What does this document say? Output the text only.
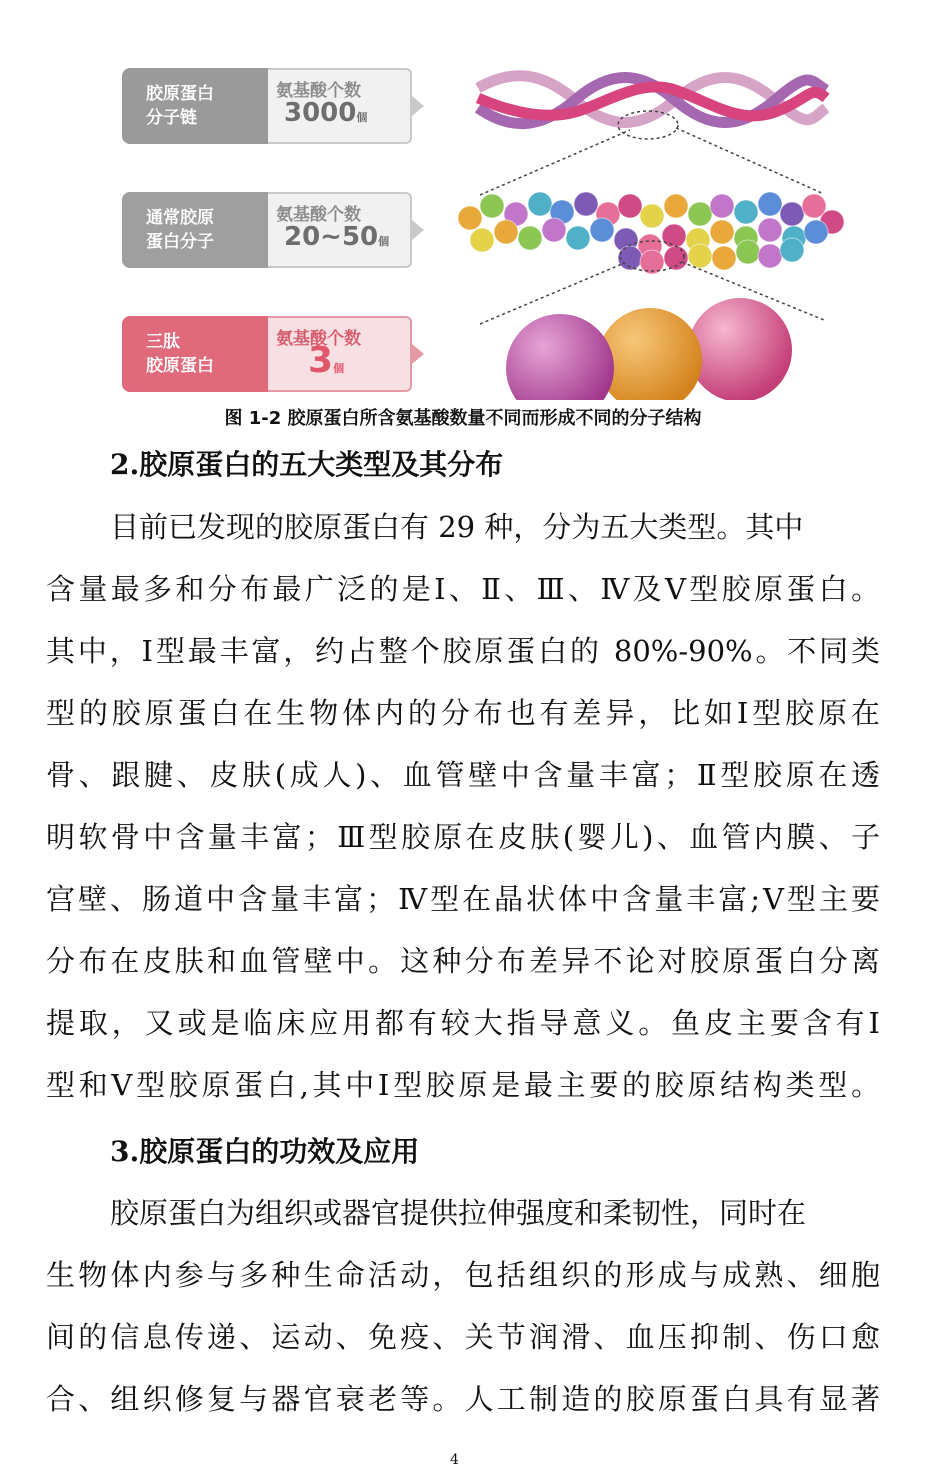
胶原蛋白
分子链
氨基酸个数
3000個
通常胶原
蛋白分子
氨基酸个数
20~50個
三肽
胶原蛋白
氨基酸个数
3個
图 1-2 胶原蛋白所含氨基酸数量不同而形成不同的分子结构
2.胶原蛋白的五大类型及其分布
目前已发现的胶原蛋白有 29 种，分为五大类型。其中
含量最多和分布最广泛的是Ⅰ、Ⅱ、Ⅲ、Ⅳ及Ⅴ型胶原蛋白。
其中，Ⅰ型最丰富，约占整个胶原蛋白的 80%-90%。不同类
型的胶原蛋白在生物体内的分布也有差异，比如Ⅰ型胶原在
骨、跟腱、皮肤(成人)、血管壁中含量丰富；Ⅱ型胶原在透
明软骨中含量丰富；Ⅲ型胶原在皮肤(婴儿)、血管内膜、子
宫壁、肠道中含量丰富；Ⅳ型在晶状体中含量丰富;Ⅴ型主要
分布在皮肤和血管壁中。这种分布差异不论对胶原蛋白分离
提取，又或是临床应用都有较大指导意义。鱼皮主要含有Ⅰ
型和Ⅴ型胶原蛋白,其中Ⅰ型胶原是最主要的胶原结构类型。
3.胶原蛋白的功效及应用
胶原蛋白为组织或器官提供拉伸强度和柔韧性，同时在
生物体内参与多种生命活动，包括组织的形成与成熟、细胞
间的信息传递、运动、免疫、关节润滑、血压抑制、伤口愈
合、组织修复与器官衰老等。人工制造的胶原蛋白具有显著
4
